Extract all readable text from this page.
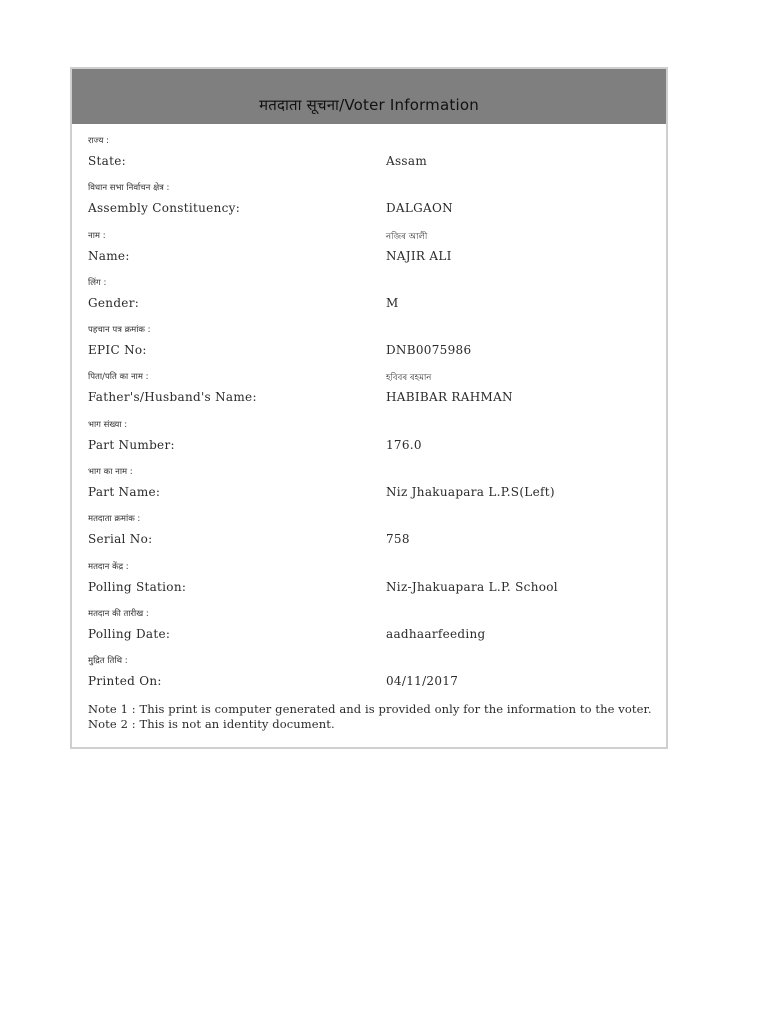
मतदाता सूचना/Voter Information
राज्य :
State:	Assam
विधान सभा निर्वाचन क्षेत्र :
Assembly Constituency:	DALGAON
नाम :	নজিৰ আলী
Name:	NAJIR ALI
लिंग :
Gender:	M
पहचान पत्र क्रमांक :
EPIC No:	DNB0075986
पिता/पति का नाम :	হবিবৰ ৰহমান
Father's/Husband's Name:	HABIBAR RAHMAN
भाग संख्या :
Part Number:	176.0
भाग का नाम :
Part Name:	Niz Jhakuapara L.P.S(Left)
मतदाता क्रमांक :
Serial No:	758
मतदान केंद्र :
Polling Station:	Niz-Jhakuapara L.P. School
मतदान की तारीख :
Polling Date:	aadhaarfeeding
मुद्रित तिथि :
Printed On:	04/11/2017
Note 1 : This print is computer generated and is provided only for the information to the voter.
Note 2 : This is not an identity document.
